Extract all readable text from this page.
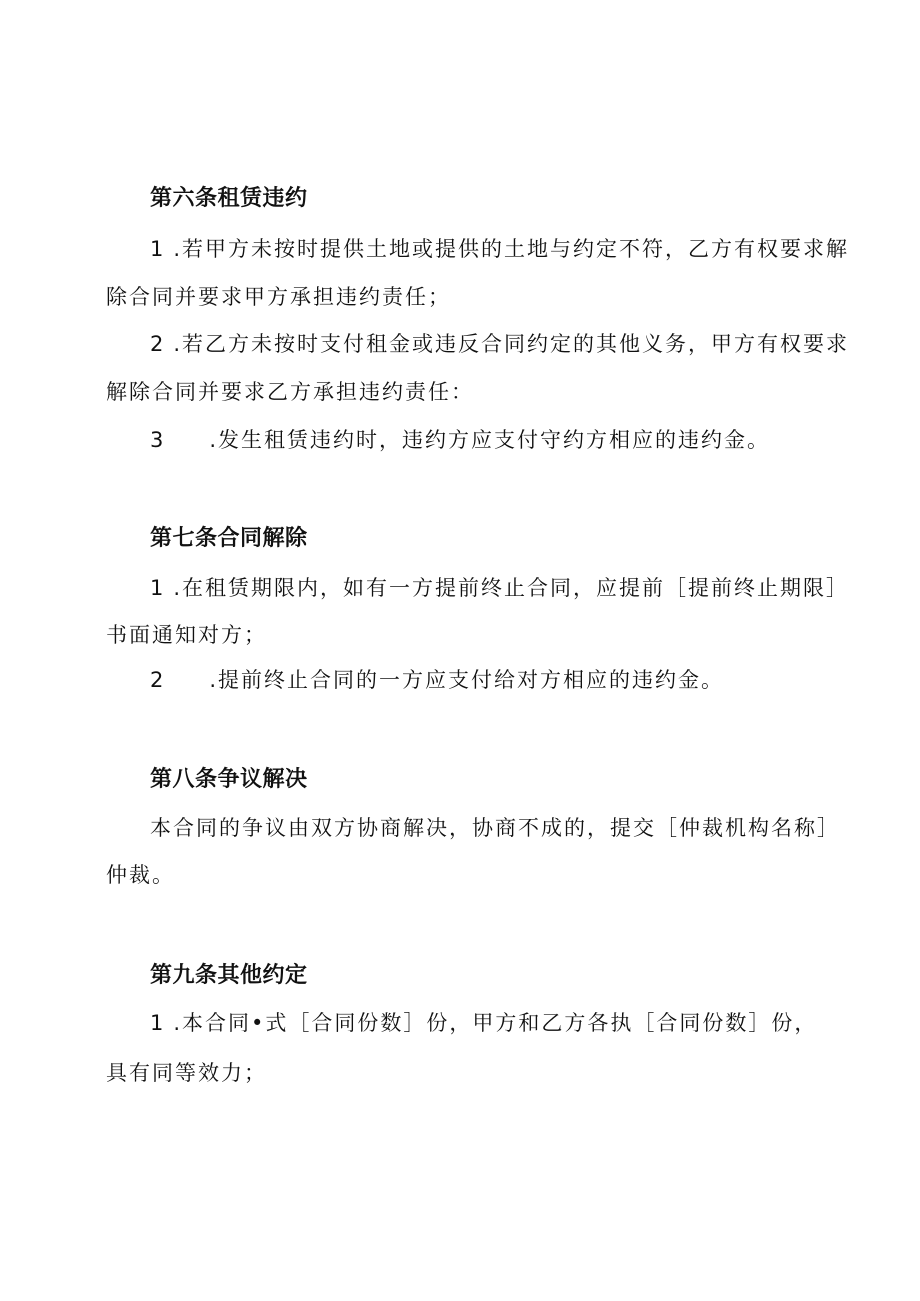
第六条租赁违约
1 .若甲方未按时提供土地或提供的土地与约定不符，乙方有权要求解
除合同并要求甲方承担违约责任；
2 .若乙方未按时支付租金或违反合同约定的其他义务，甲方有权要求
解除合同并要求乙方承担违约责任：
3 .发生租赁违约时，违约方应支付守约方相应的违约金。
第七条合同解除
1 .在租赁期限内，如有一方提前终止合同，应提前［提前终止期限］
书面通知对方；
2 .提前终止合同的一方应支付给对方相应的违约金。
第八条争议解决
本合同的争议由双方协商解决，协商不成的，提交［仲裁机构名称］
仲裁。
第九条其他约定
1 .本合同•式［合同份数］份，甲方和乙方各执［合同份数］份，
具有同等效力；
